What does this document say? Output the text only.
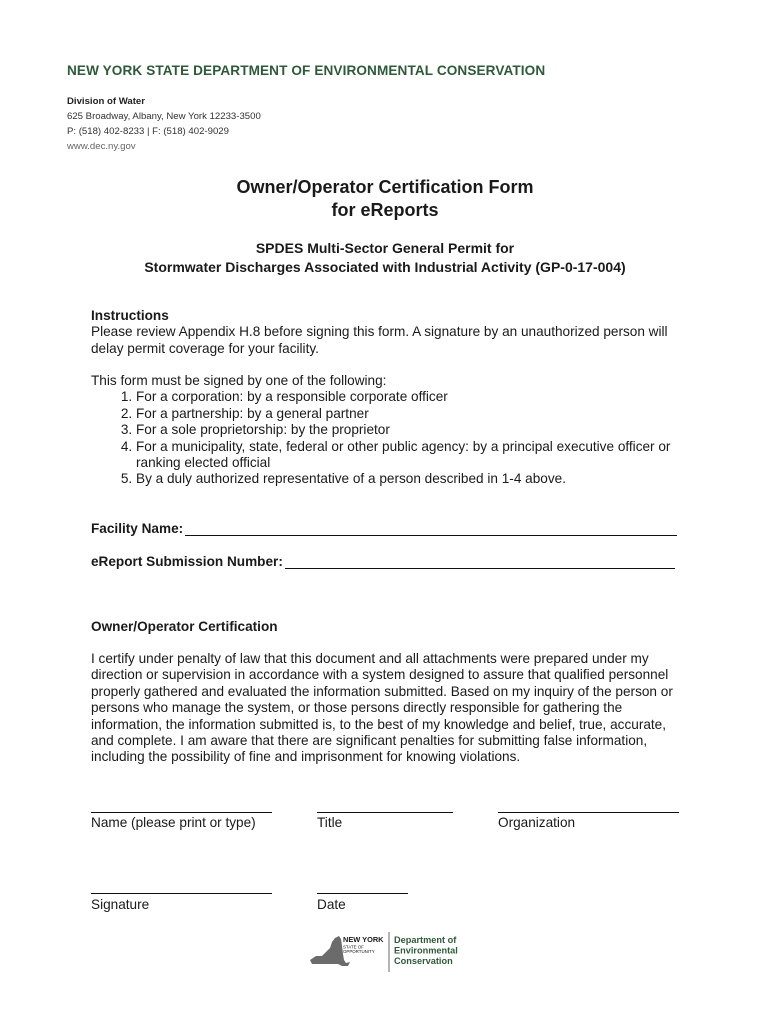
NEW YORK STATE DEPARTMENT OF ENVIRONMENTAL CONSERVATION
Division of Water
625 Broadway, Albany, New York 12233-3500
P: (518) 402-8233 | F: (518) 402-9029
www.dec.ny.gov
Owner/Operator Certification Form
for eReports
SPDES Multi-Sector General Permit for
Stormwater Discharges Associated with Industrial Activity (GP-0-17-004)
Instructions
Please review Appendix H.8 before signing this form. A signature by an unauthorized person will delay permit coverage for your facility.
This form must be signed by one of the following:
1. For a corporation: by a responsible corporate officer
2. For a partnership: by a general partner
3. For a sole proprietorship: by the proprietor
4. For a municipality, state, federal or other public agency: by a principal executive officer or ranking elected official
5. By a duly authorized representative of a person described in 1-4 above.
Facility Name:
eReport Submission Number:
Owner/Operator Certification
I certify under penalty of law that this document and all attachments were prepared under my direction or supervision in accordance with a system designed to assure that qualified personnel properly gathered and evaluated the information submitted. Based on my inquiry of the person or persons who manage the system, or those persons directly responsible for gathering the information, the information submitted is, to the best of my knowledge and belief, true, accurate, and complete. I am aware that there are significant penalties for submitting false information, including the possibility of fine and imprisonment for knowing violations.
Name (please print or type)	Title	Organization
Signature	Date
NEW YORK
STATE OF
OPPORTUNITY
Department of
Environmental
Conservation
